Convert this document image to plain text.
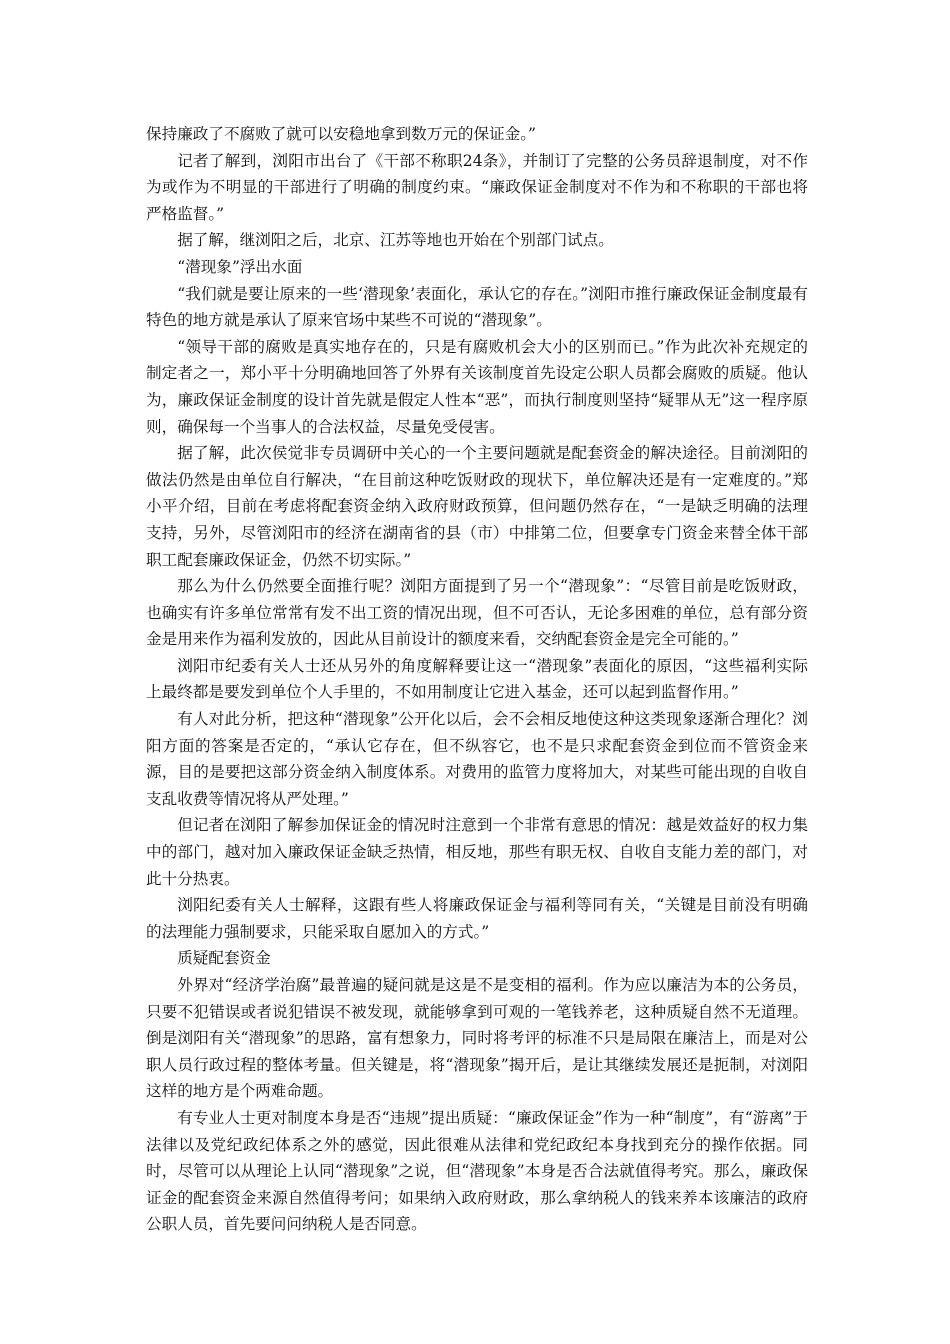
保持廉政了不腐败了就可以安稳地拿到数万元的保证金。”

记者了解到，浏阳市出台了《干部不称职24条》，并制订了完整的公务员辞退制度，对不作为或作为不明显的干部进行了明确的制度约束。“廉政保证金制度对不作为和不称职的干部也将严格监督。”

据了解，继浏阳之后，北京、江苏等地也开始在个别部门试点。

“潜现象”浮出水面

“我们就是要让原来的一些‘潜现象’表面化，承认它的存在。”浏阳市推行廉政保证金制度最有特色的地方就是承认了原来官场中某些不可说的“潜现象”。

“领导干部的腐败是真实地存在的，只是有腐败机会大小的区别而已。”作为此次补充规定的制定者之一，郑小平十分明确地回答了外界有关该制度首先设定公职人员都会腐败的质疑。他认为，廉政保证金制度的设计首先就是假定人性本“恶”，而执行制度则坚持“疑罪从无”这一程序原则，确保每一个当事人的合法权益，尽量免受侵害。

据了解，此次侯觉非专员调研中关心的一个主要问题就是配套资金的解决途径。目前浏阳的做法仍然是由单位自行解决，“在目前这种吃饭财政的现状下，单位解决还是有一定难度的。”郑小平介绍，目前在考虑将配套资金纳入政府财政预算，但问题仍然存在，“一是缺乏明确的法理支持，另外，尽管浏阳市的经济在湖南省的县（市）中排第二位，但要拿专门资金来替全体干部职工配套廉政保证金，仍然不切实际。”

那么为什么仍然要全面推行呢？浏阳方面提到了另一个“潜现象”：“尽管目前是吃饭财政，也确实有许多单位常常有发不出工资的情况出现，但不可否认，无论多困难的单位，总有部分资金是用来作为福利发放的，因此从目前设计的额度来看，交纳配套资金是完全可能的。”

浏阳市纪委有关人士还从另外的角度解释要让这一“潜现象”表面化的原因，“这些福利实际上最终都是要发到单位个人手里的，不如用制度让它进入基金，还可以起到监督作用。”

有人对此分析，把这种“潜现象”公开化以后，会不会相反地使这种这类现象逐渐合理化？浏阳方面的答案是否定的，“承认它存在，但不纵容它，也不是只求配套资金到位而不管资金来源，目的是要把这部分资金纳入制度体系。对费用的监管力度将加大，对某些可能出现的自收自支乱收费等情况将从严处理。”

但记者在浏阳了解参加保证金的情况时注意到一个非常有意思的情况：越是效益好的权力集中的部门，越对加入廉政保证金缺乏热情，相反地，那些有职无权、自收自支能力差的部门，对此十分热衷。

浏阳纪委有关人士解释，这跟有些人将廉政保证金与福利等同有关，“关键是目前没有明确的法理能力强制要求，只能采取自愿加入的方式。”

质疑配套资金

外界对“经济学治腐”最普遍的疑问就是这是不是变相的福利。作为应以廉洁为本的公务员，只要不犯错误或者说犯错误不被发现，就能够拿到可观的一笔钱养老，这种质疑自然不无道理。倒是浏阳有关“潜现象”的思路，富有想象力，同时将考评的标准不只是局限在廉洁上，而是对公职人员行政过程的整体考量。但关键是，将“潜现象”揭开后，是让其继续发展还是扼制，对浏阳这样的地方是个两难命题。

有专业人士更对制度本身是否“违规”提出质疑：“廉政保证金”作为一种“制度”，有“游离”于法律以及党纪政纪体系之外的感觉，因此很难从法律和党纪政纪本身找到充分的操作依据。同时，尽管可以从理论上认同“潜现象”之说，但“潜现象”本身是否合法就值得考究。那么，廉政保证金的配套资金来源自然值得考问；如果纳入政府财政，那么拿纳税人的钱来养本该廉洁的政府公职人员，首先要问问纳税人是否同意。
